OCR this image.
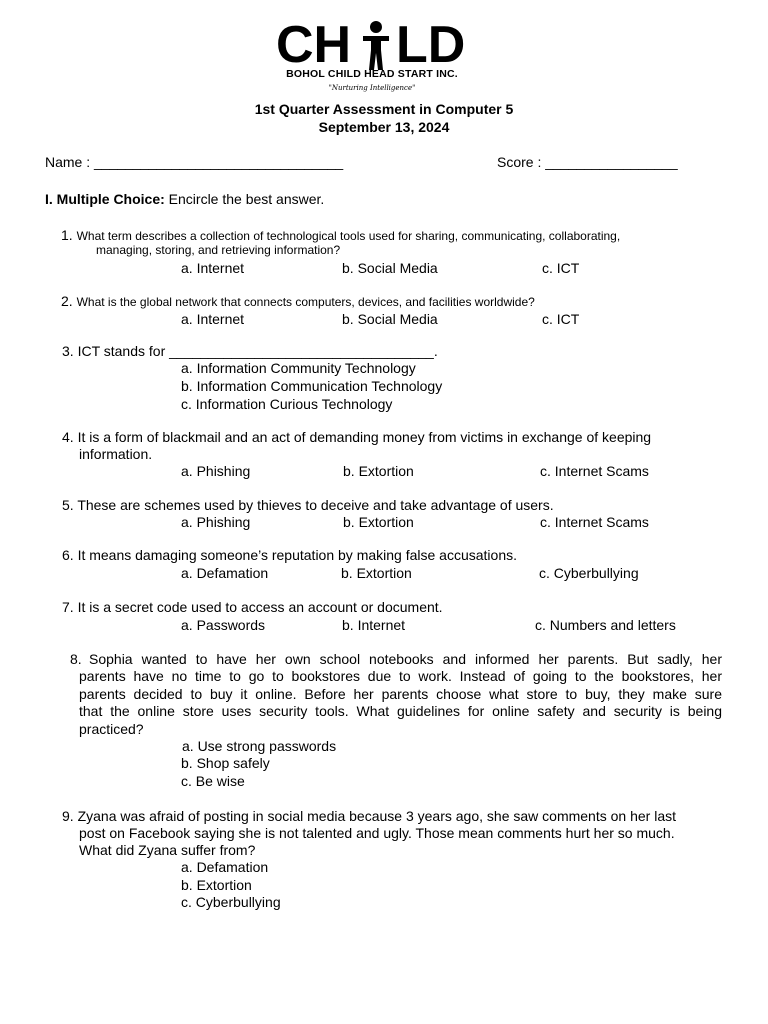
CH LD
BOHOL CHILD HEAD START INC.
"Nurturing Intelligence"
1st Quarter Assessment in Computer 5
September 13, 2024
Name : ________________________________	Score : _________________
I. Multiple Choice: Encircle the best answer.
1. What term describes a collection of technological tools used for sharing, communicating, collaborating,
managing, storing, and retrieving information?
a. Internet	b. Social Media	c. ICT
2. What is the global network that connects computers, devices, and facilities worldwide?
a. Internet	b. Social Media	c. ICT
3. ICT stands for __________________________________.
a. Information Community Technology
b. Information Communication Technology
c. Information Curious Technology
4. It is a form of blackmail and an act of demanding money from victims in exchange of keeping
information.
a. Phishing	b. Extortion	c. Internet Scams
5. These are schemes used by thieves to deceive and take advantage of users.
a. Phishing	b. Extortion	c. Internet Scams
6. It means damaging someone’s reputation by making false accusations.
a. Defamation	b. Extortion	c. Cyberbullying
7. It is a secret code used to access an account or document.
a. Passwords	b. Internet	c. Numbers and letters
8. Sophia wanted to have her own school notebooks and informed her parents. But sadly, her
parents have no time to go to bookstores due to work. Instead of going to the bookstores, her
parents decided to buy it online. Before her parents choose what store to buy, they make sure
that the online store uses security tools. What guidelines for online safety and security is being
practiced?
a. Use strong passwords
b. Shop safely
c. Be wise
9. Zyana was afraid of posting in social media because 3 years ago, she saw comments on her last
post on Facebook saying she is not talented and ugly. Those mean comments hurt her so much.
What did Zyana suffer from?
a. Defamation
b. Extortion
c. Cyberbullying
